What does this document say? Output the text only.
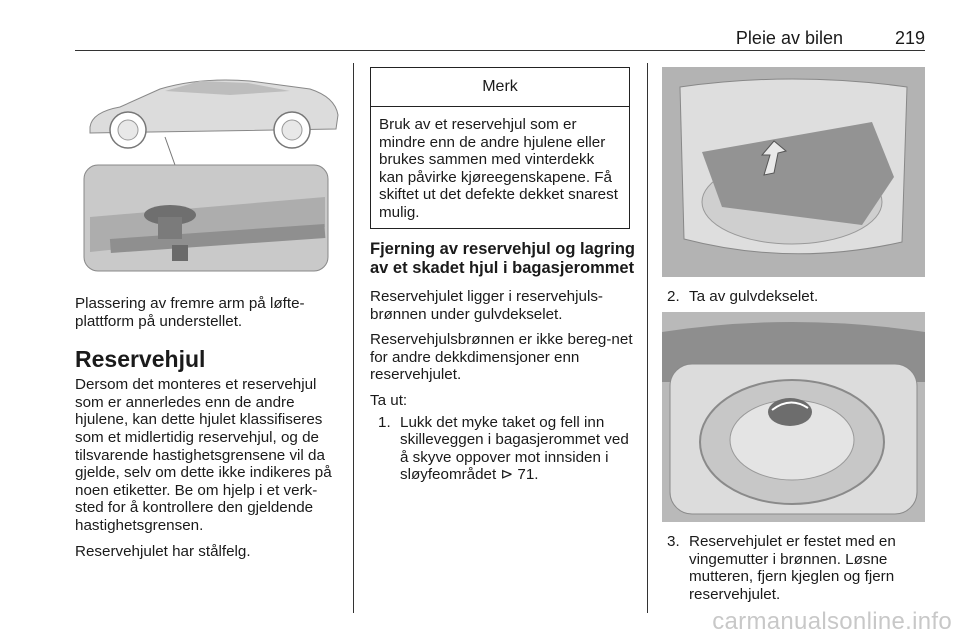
Pleie av bilen	219

Plassering av fremre arm på løfte-plattform på understellet.

Reservehjul

Dersom det monteres et reservehjul som er annerledes enn de andre hjulene, kan dette hjulet klassifiseres som et midlertidig reservehjul, og de tilsvarende hastighetsgrensene vil da gjelde, selv om dette ikke indikeres på noen etiketter. Be om hjelp i et verk-sted for å kontrollere den gjeldende hastighetsgrensen.

Reservehjulet har stålfelg.

Merk
Bruk av et reservehjul som er mindre enn de andre hjulene eller brukes sammen med vinterdekk kan påvirke kjøreegenskapene. Få skiftet ut det defekte dekket snarest mulig.
Fjerning av reservehjul og lagring av et skadet hjul i bagasjerommet

Reservehjulet ligger i reservehjuls-brønnen under gulvdekselet.

Reservehjulsbrønnen er ikke bereg-net for andre dekkdimensjoner enn reservehjulet.

Ta ut:

1. Lukk det myke taket og fell inn skilleveggen i bagasjerommet ved å skyve oppover mot innsiden i sløyfeområdet ⊳ 71.
2. Ta av gulvdekselet.
3. Reservehjulet er festet med en vingemutter i brønnen. Løsne mutteren, fjern kjeglen og fjern reservehjulet.
carmanualsonline.info
